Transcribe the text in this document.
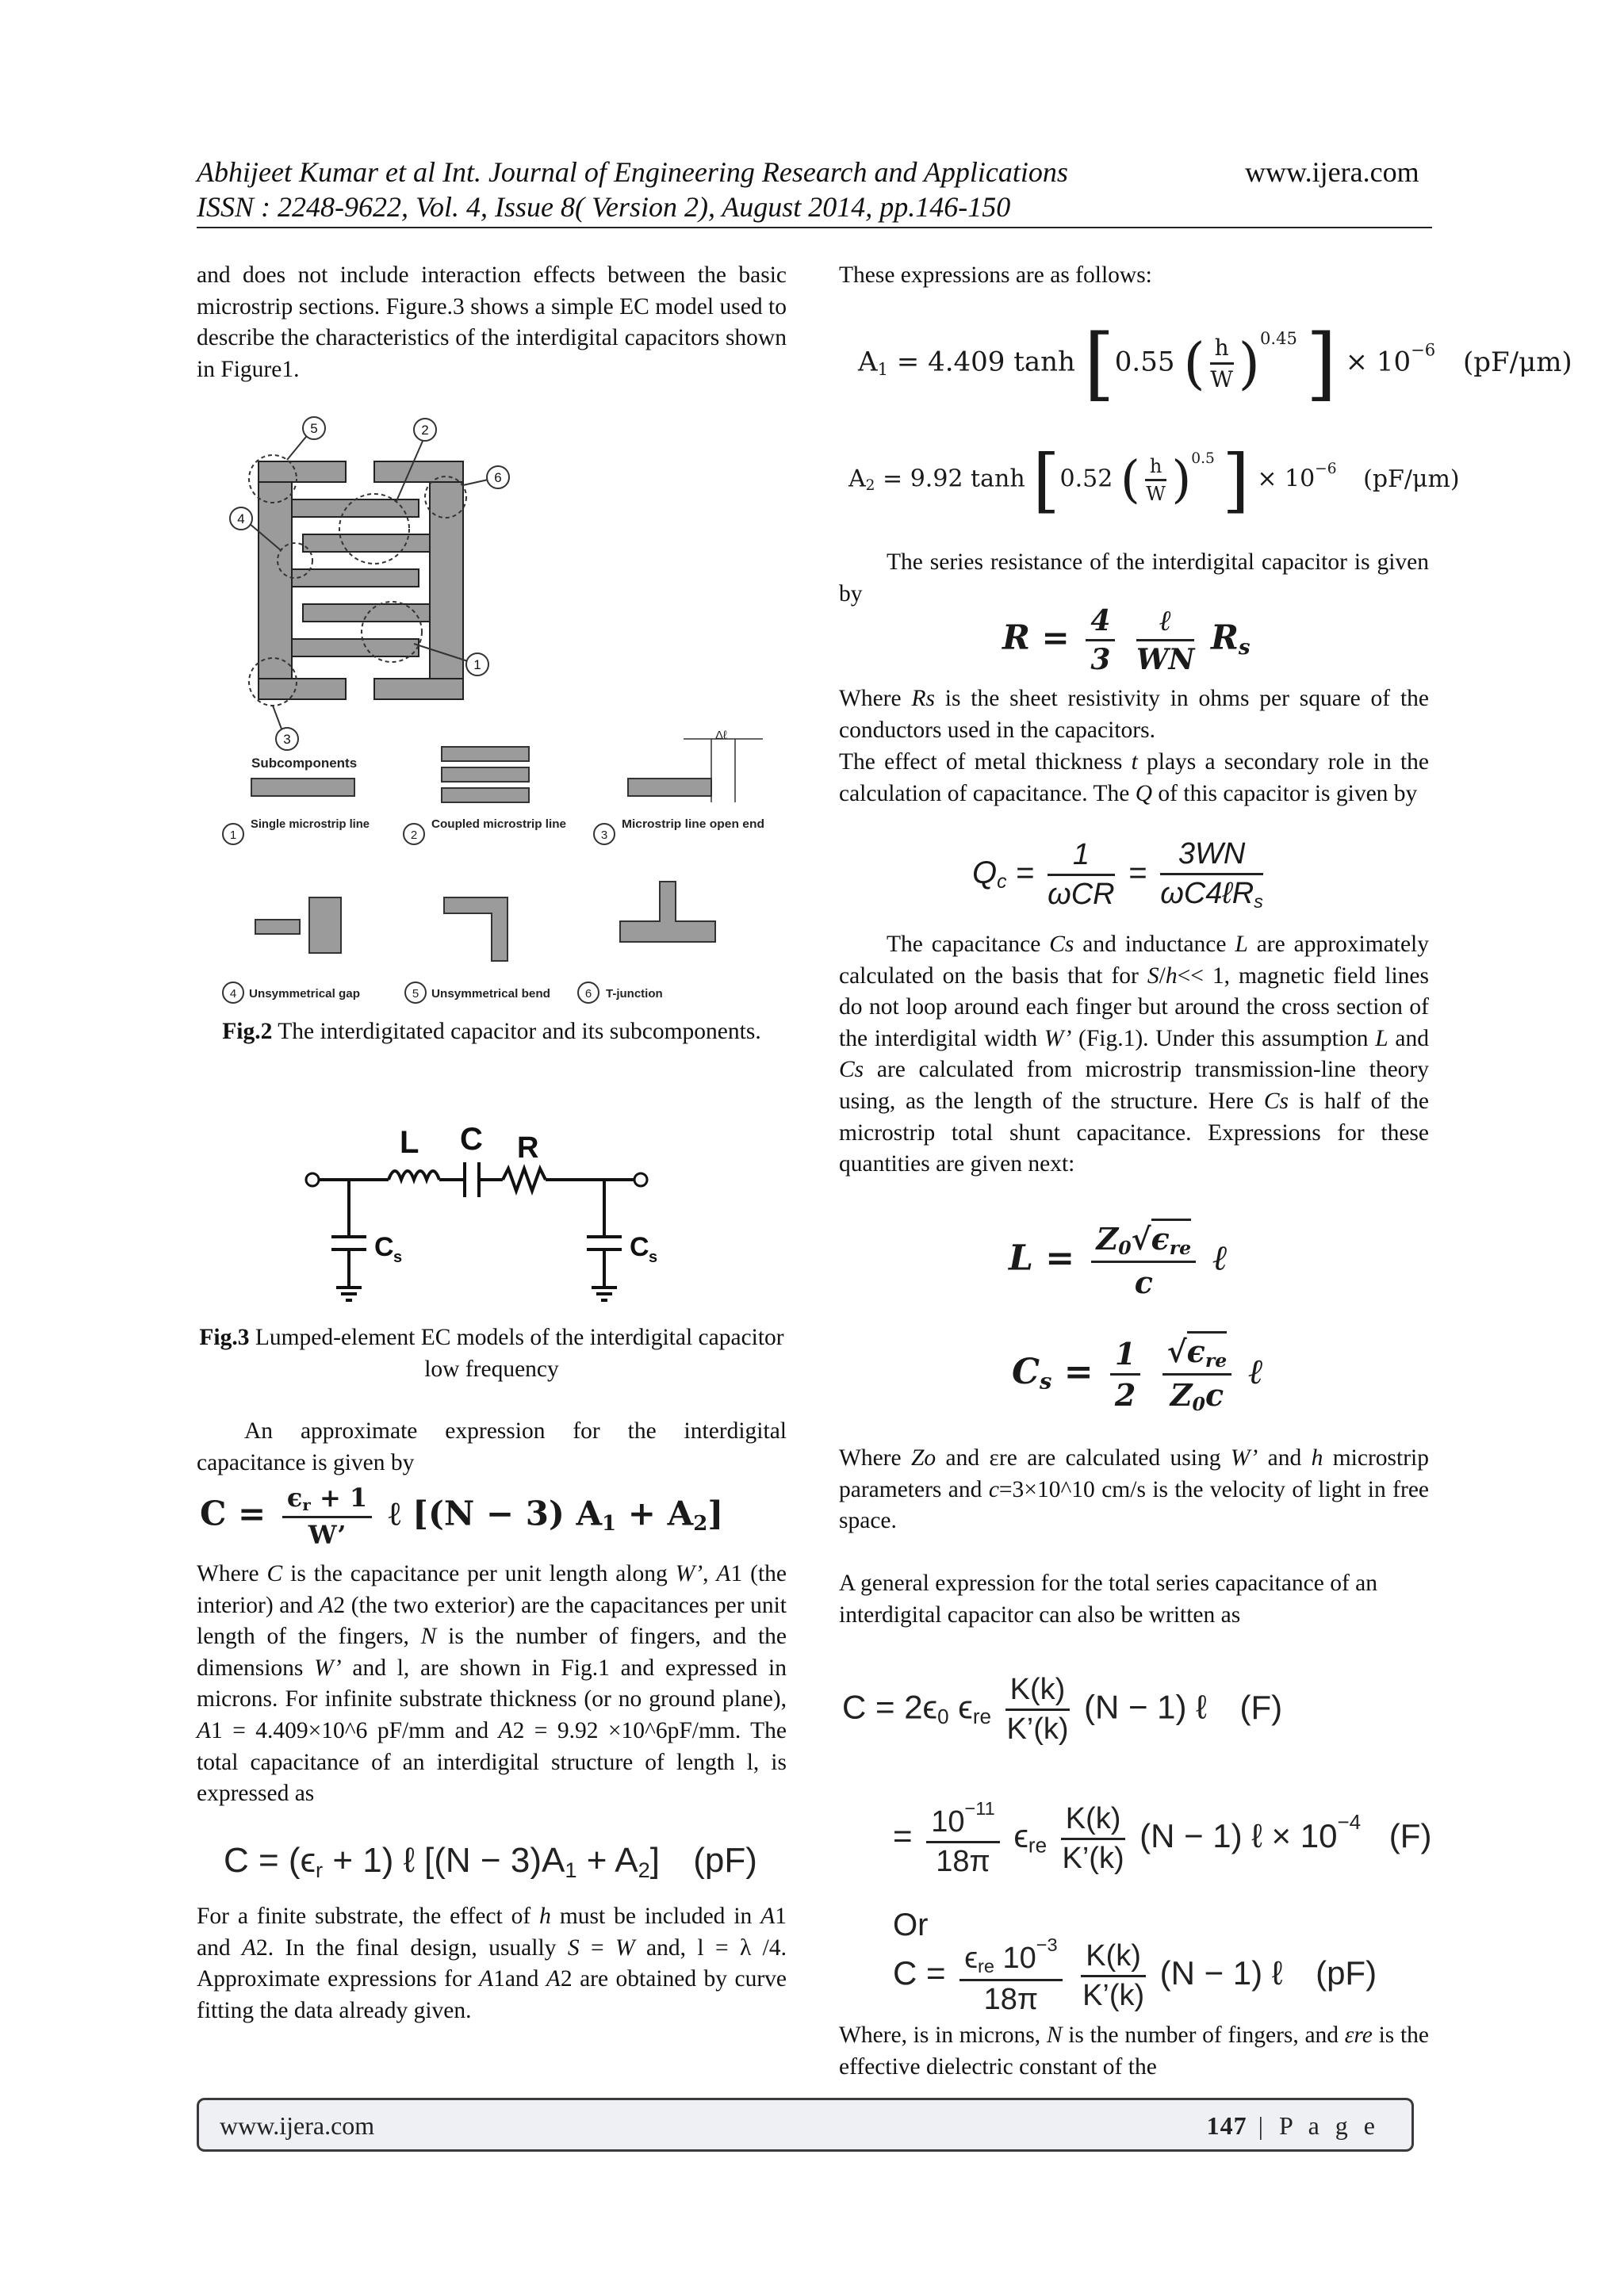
Abhijeet Kumar et al Int. Journal of Engineering Research and Applications	www.ijera.com
ISSN : 2248-9622, Vol. 4, Issue 8( Version 2), August 2014, pp.146-150
and does not include interaction effects between the basic microstrip sections. Figure.3 shows a simple EC model used to describe the characteristics of the interdigital capacitors shown in Figure1.
5	2
6
4
1
3
Subcomponents
Δℓ
1
Single microstrip line
2
Coupled microstrip line
3
Microstrip line open end
4 Unsymmetrical gap	5 Unsymmetrical bend	6 T-junction
Fig.2 The interdigitated capacitor and its subcomponents.
L C R
C s	C s
Fig.3 Lumped-element EC models of the interdigital capacitor low frequency
An approximate expression for the interdigital capacitance is given by
$C = \frac{\epsilon_r + 1}{W’}$ ℓ [(N − 3) $A_1 + A_2$]
Where C is the capacitance per unit length along W’, A1 (the interior) and A2 (the two exterior) are the capacitances per unit length of the fingers, N is the number of fingers, and the dimensions W’ and l, are shown in Fig.1 and expressed in microns. For infinite substrate thickness (or no ground plane), A1 = 4.409×10^6 pF/mm and A2 = 9.92 ×10^6pF/mm. The total capacitance of an interdigital structure of length l, is expressed as
$C = (\epsilon_r + 1)$ ℓ $[(N - 3)A_1 + A_2]$ (pF)
For a finite substrate, the effect of h must be included in A1 and A2. In the final design, usually S = W and, l = λ /4. Approximate expressions for A1and A2 are obtained by curve fitting the data already given.
These expressions are as follows:
$A_1 = 4.409$ tanh [0.55 ( $\frac{h}{W} )^{0.45}$ ] × $10^{-6}$ (pF/μm)
$A_2 = 9.92$ tanh [0.52 ( $\frac{h}{W} )^{0.5}$ ] × $10^{-6}$ (pF/μm)
The series resistance of the interdigital capacitor is given by
$R = \frac{4}{3}$
$\frac{\text{ℓ}}{WN} R_s$
Where Rs is the sheet resistivity in ohms per square of the conductors used in the capacitors.
The effect of metal thickness t plays a secondary role in the calculation of capacitance. The Q of this capacitor is given by
$Q_c = \frac{1}{\text{ωCR}} = \frac{3WN}{\omega C4\ell R_s}$
The capacitance Cs and inductance L are approximately calculated on the basis that for S/h<< 1, magnetic field lines do not loop around each finger but around the cross section of the interdigital width W’ (Fig.1). Under this assumption L and Cs are calculated from microstrip transmission-line theory using, as the length of the structure. Here Cs is half of the microstrip total shunt capacitance. Expressions for these quantities are given next:
$L = \frac{Z_0√\epsilon_{re}}{c}$ ℓ
$C_s = \frac{1}{2}$
$\frac{√\epsilon_{re}}{Z_0c}$ ℓ
Where Zo and εre are calculated using W’ and h microstrip parameters and c=3×10^10 cm/s is the velocity of light in free space.
A general expression for the total series capacitance of an interdigital capacitor can also be written as
$C = 2\epsilon_0$ $\epsilon_{re} \frac{K(k)}{K’(k)} (N - 1)$ ℓ (F)
= $\frac{10^{-11}}{18\pi} \epsilon_{re} \frac{K(k)}{K’(k)} (N - 1)$ ℓ × $10^{-4}$ (F)
Or
$C = \frac{\epsilon_{re} 10^{-3}}{18\pi}$
$\frac{K(k)}{K’(k)} (N - 1)$ ℓ (pF)
Where, is in microns, N is the number of fingers, and εre is the effective dielectric constant of the
www.ijera.com	147 | P a g e
